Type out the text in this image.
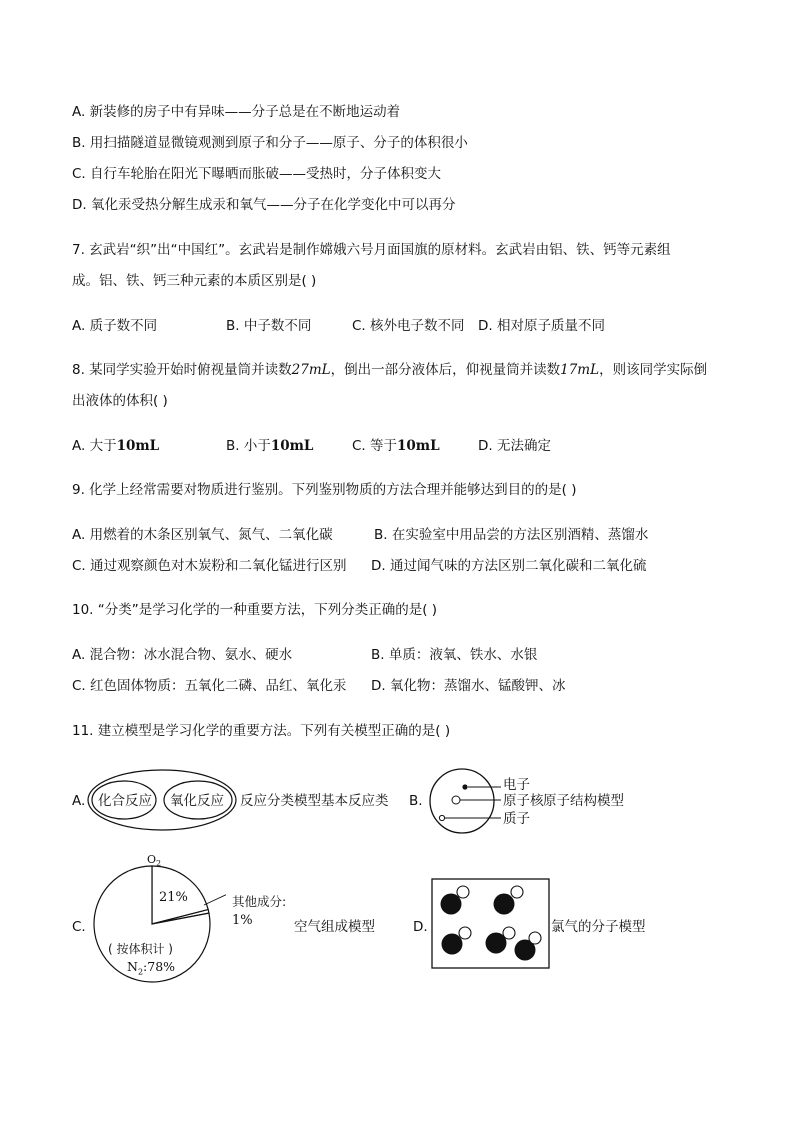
A. 新装修的房子中有异味——分子总是在不断地运动着
B. 用扫描隧道显微镜观测到原子和分子——原子、分子的体积很小
C. 自行车轮胎在阳光下曝晒而胀破——受热时，分子体积变大
D. 氧化汞受热分解生成汞和氧气——分子在化学变化中可以再分
7. 玄武岩“织”出“中国红”。玄武岩是制作嫦娥六号月面国旗的原材料。玄武岩由铝、铁、钙等元素组
成。铝、铁、钙三种元素的本质区别是( )
A. 质子数不同	B. 中子数不同	C. 核外电子数不同 D. 相对原子质量不同
8. 某同学实验开始时俯视量筒并读数27mL，倒出一部分液体后，仰视量筒并读数17mL，则该同学实际倒
出液体的体积( )
A. 大于10mL	B. 小于10mL	C. 等于10mL	D. 无法确定
9. 化学上经常需要对物质进行鉴别。下列鉴别物质的方法合理并能够达到目的的是( )
A. 用燃着的木条区别氧气、氮气、二氧化碳	B. 在实验室中用品尝的方法区别酒精、蒸馏水
C. 通过观察颜色对木炭粉和二氧化锰进行区别 D. 通过闻气味的方法区别二氧化碳和二氧化硫
10. “分类”是学习化学的一种重要方法，下列分类正确的是( )
A. 混合物：冰水混合物、氨水、硬水	B. 单质：液氧、铁水、水银
C. 红色固体物质：五氧化二磷、品红、氧化汞 D. 氧化物：蒸馏水、锰酸钾、冰
11. 建立模型是学习化学的重要方法。下列有关模型正确的是( )
A. 化合反应 氧化反应 反应分类模型基本反应类 B.
电子
原子核 原子结构模型
质子
C.
$O_2$
21%	其他成分:
1%
( 按体积计 )
$N_2:78\%$
空气组成模型	D.	氯气的分子模型
